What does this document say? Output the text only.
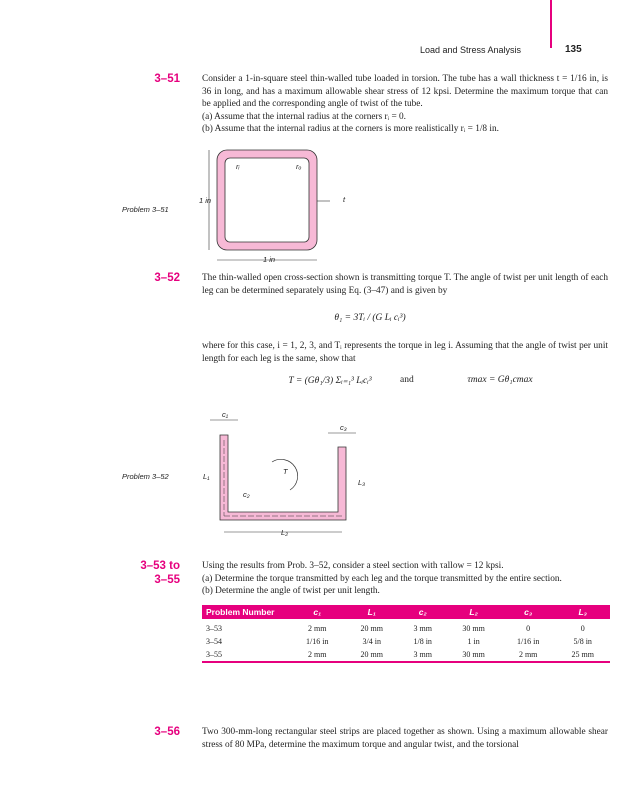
Load and Stress Analysis	135
3–51 Consider a 1-in-square steel thin-walled tube loaded in torsion. The tube has a wall thickness t = 1/16 in, is 36 in long, and has a maximum allowable shear stress of 12 kpsi. Determine the maximum torque that can be applied and the corresponding angle of twist of the tube.
(a) Assume that the internal radius at the corners rᵢ = 0.
(b) Assume that the internal radius at the corners is more realistically rᵢ = 1/8 in.
Problem 3–51
rᵢ	rₒ
t
1 in
1 in
3–52 The thin-walled open cross-section shown is transmitting torque T. The angle of twist per unit length of each leg can be determined separately using Eq. (3–47) and is given by
θ₁ = 3Tᵢ / (G Lᵢ cᵢ³)
where for this case, i = 1, 2, 3, and Tᵢ represents the torque in leg i. Assuming that the angle of twist per unit length for each leg is the same, show that
T = (Gθ₁/3) Σᵢ₌₁³ Lᵢcᵢ³	and	τmax = Gθ₁cmax
Problem 3–52
c₁
c₃
T
L₁
L₃
c₂
L₂
3–53 to
3–55
Using the results from Prob. 3–52, consider a steel section with τallow = 12 kpsi.
(a) Determine the torque transmitted by each leg and the torque transmitted by the entire section.
(b) Determine the angle of twist per unit length.
Problem Number	c₁	L₁	c₂	L₂	c₃	L₃

3–53	2 mm	20 mm	3 mm	30 mm	0	0
3–54	1/16 in	3/4 in	1/8 in	1 in	1/16 in	5/8 in
3–55	2 mm	20 mm	3 mm	30 mm	2 mm	25 mm
3–56 Two 300-mm-long rectangular steel strips are placed together as shown. Using a maximum allowable shear stress of 80 MPa, determine the maximum torque and angular twist, and the torsional
